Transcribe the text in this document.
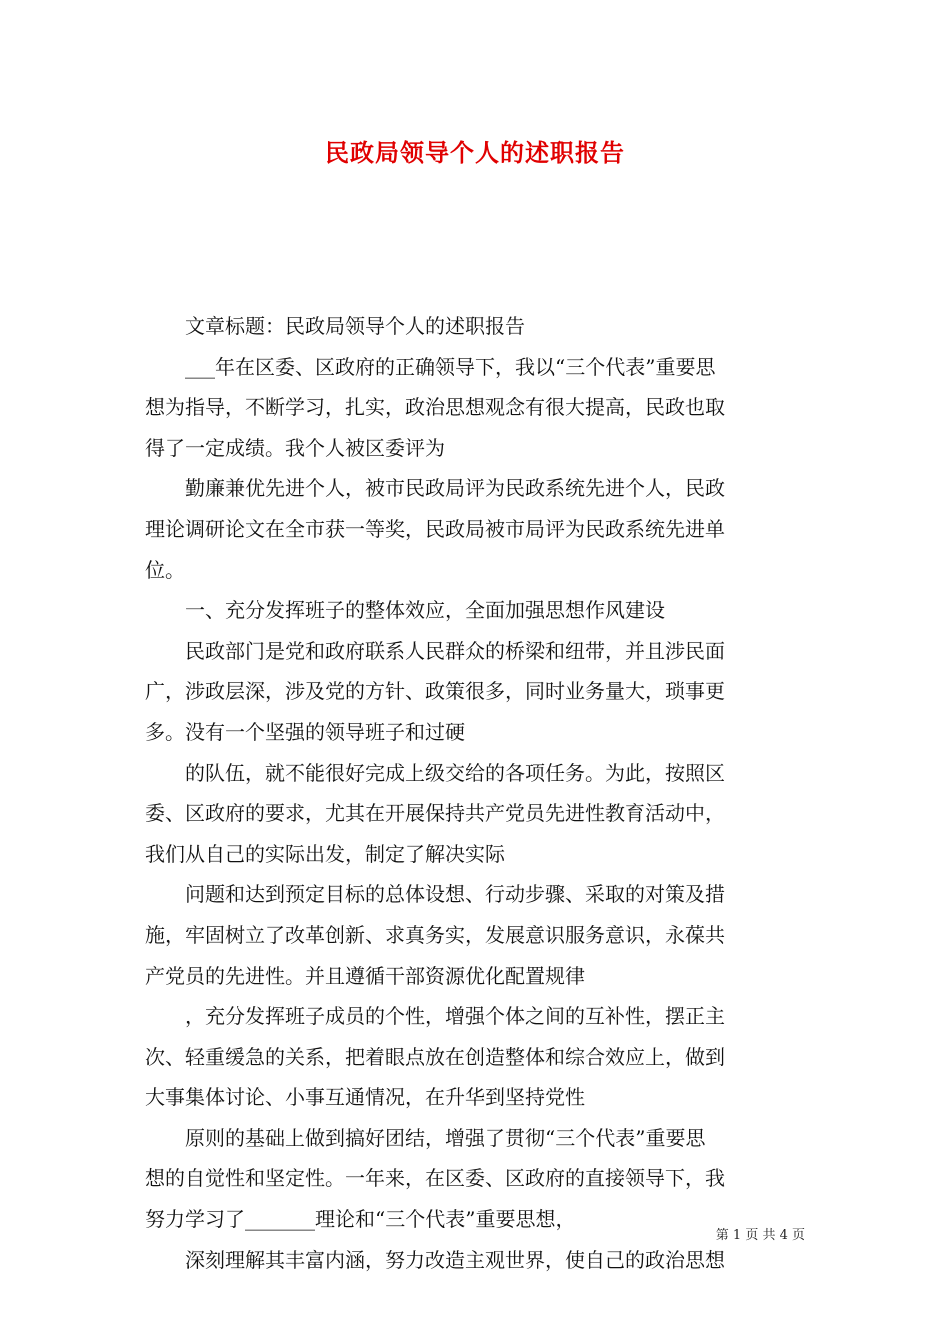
民政局领导个人的述职报告
　　文章标题：民政局领导个人的述职报告
　　___年在区委、区政府的正确领导下，我以“三个代表”重要思
想为指导，不断学习，扎实，政治思想观念有很大提高，民政也取
得了一定成绩。我个人被区委评为
　　勤廉兼优先进个人，被市民政局评为民政系统先进个人，民政
理论调研论文在全市获一等奖，民政局被市局评为民政系统先进单
位。
　　一、充分发挥班子的整体效应，全面加强思想作风建设
　　民政部门是党和政府联系人民群众的桥梁和纽带，并且涉民面
广，涉政层深，涉及党的方针、政策很多，同时业务量大，琐事更
多。没有一个坚强的领导班子和过硬
　　的队伍，就不能很好完成上级交给的各项任务。为此，按照区
委、区政府的要求，尤其在开展保持共产党员先进性教育活动中，
我们从自己的实际出发，制定了解决实际
　　问题和达到预定目标的总体设想、行动步骤、采取的对策及措
施，牢固树立了改革创新、求真务实，发展意识服务意识，永葆共
产党员的先进性。并且遵循干部资源优化配置规律
　　，充分发挥班子成员的个性，增强个体之间的互补性，摆正主
次、轻重缓急的关系，把着眼点放在创造整体和综合效应上，做到
大事集体讨论、小事互通情况，在升华到坚持党性
　　原则的基础上做到搞好团结，增强了贯彻“三个代表”重要思
想的自觉性和坚定性。一年来，在区委、区政府的直接领导下，我
努力学习了_______理论和“三个代表”重要思想，
　　深刻理解其丰富内涵，努力改造主观世界，使自己的政治思想
第 1 页 共 4 页
